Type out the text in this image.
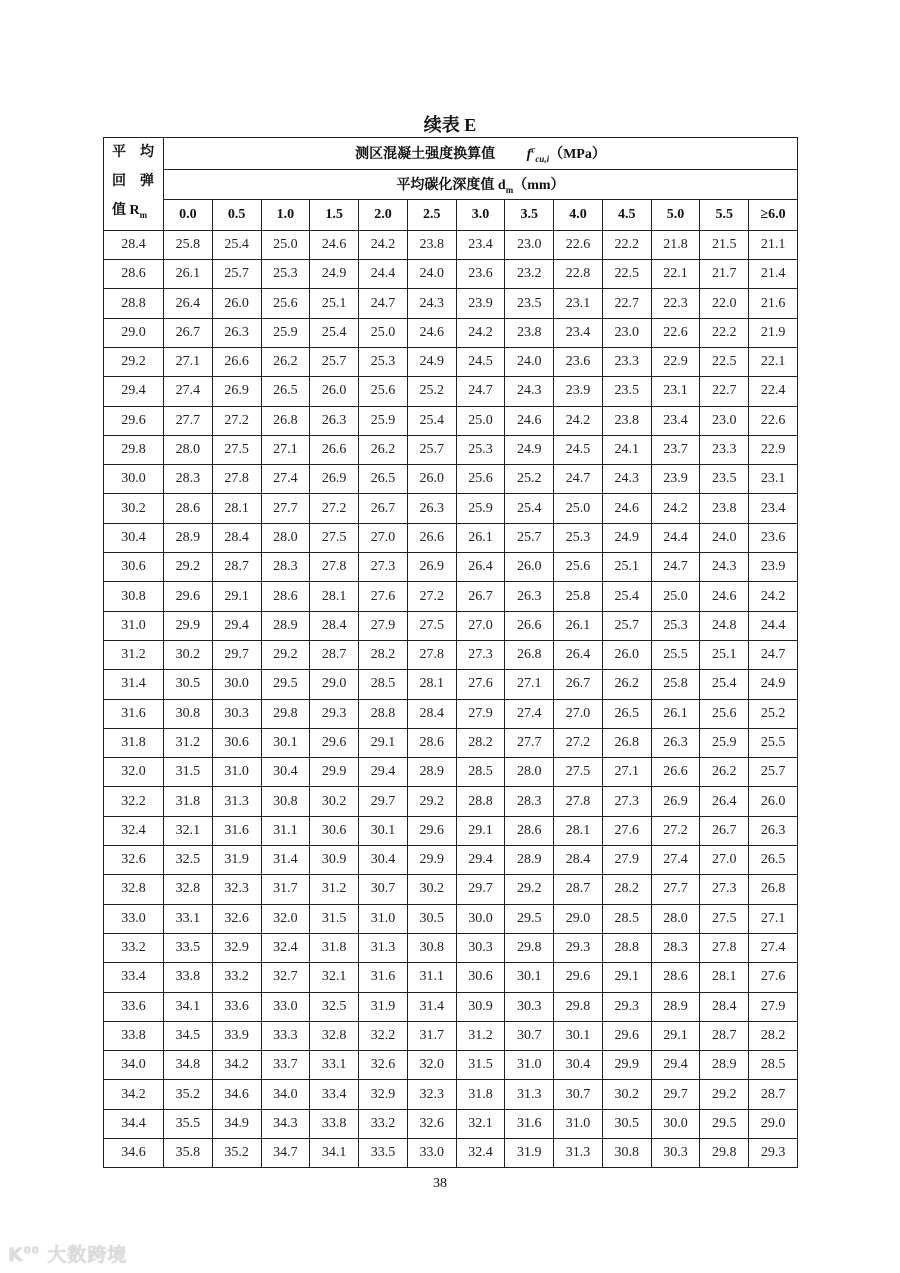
续表 E
平　均
回　弹
值 $R_m$	测区混凝土强度换算值   $f^c_{cu,i}(MPa)$												
	平均碳化深度值 $d_m(mm)$												
	0.0	0.5	1.0	1.5	2.0	2.5	3.0	3.5	4.0	4.5	5.0	5.5	≥6.0
28.4	25.8	25.4	25.0	24.6	24.2	23.8	23.4	23.0	22.6	22.2	21.8	21.5	21.1
28.6	26.1	25.7	25.3	24.9	24.4	24.0	23.6	23.2	22.8	22.5	22.1	21.7	21.4
28.8	26.4	26.0	25.6	25.1	24.7	24.3	23.9	23.5	23.1	22.7	22.3	22.0	21.6
29.0	26.7	26.3	25.9	25.4	25.0	24.6	24.2	23.8	23.4	23.0	22.6	22.2	21.9
29.2	27.1	26.6	26.2	25.7	25.3	24.9	24.5	24.0	23.6	23.3	22.9	22.5	22.1
29.4	27.4	26.9	26.5	26.0	25.6	25.2	24.7	24.3	23.9	23.5	23.1	22.7	22.4
29.6	27.7	27.2	26.8	26.3	25.9	25.4	25.0	24.6	24.2	23.8	23.4	23.0	22.6
29.8	28.0	27.5	27.1	26.6	26.2	25.7	25.3	24.9	24.5	24.1	23.7	23.3	22.9
30.0	28.3	27.8	27.4	26.9	26.5	26.0	25.6	25.2	24.7	24.3	23.9	23.5	23.1
30.2	28.6	28.1	27.7	27.2	26.7	26.3	25.9	25.4	25.0	24.6	24.2	23.8	23.4
30.4	28.9	28.4	28.0	27.5	27.0	26.6	26.1	25.7	25.3	24.9	24.4	24.0	23.6
30.6	29.2	28.7	28.3	27.8	27.3	26.9	26.4	26.0	25.6	25.1	24.7	24.3	23.9
30.8	29.6	29.1	28.6	28.1	27.6	27.2	26.7	26.3	25.8	25.4	25.0	24.6	24.2
31.0	29.9	29.4	28.9	28.4	27.9	27.5	27.0	26.6	26.1	25.7	25.3	24.8	24.4
31.2	30.2	29.7	29.2	28.7	28.2	27.8	27.3	26.8	26.4	26.0	25.5	25.1	24.7
31.4	30.5	30.0	29.5	29.0	28.5	28.1	27.6	27.1	26.7	26.2	25.8	25.4	24.9
31.6	30.8	30.3	29.8	29.3	28.8	28.4	27.9	27.4	27.0	26.5	26.1	25.6	25.2
31.8	31.2	30.6	30.1	29.6	29.1	28.6	28.2	27.7	27.2	26.8	26.3	25.9	25.5
32.0	31.5	31.0	30.4	29.9	29.4	28.9	28.5	28.0	27.5	27.1	26.6	26.2	25.7
32.2	31.8	31.3	30.8	30.2	29.7	29.2	28.8	28.3	27.8	27.3	26.9	26.4	26.0
32.4	32.1	31.6	31.1	30.6	30.1	29.6	29.1	28.6	28.1	27.6	27.2	26.7	26.3
32.6	32.5	31.9	31.4	30.9	30.4	29.9	29.4	28.9	28.4	27.9	27.4	27.0	26.5
32.8	32.8	32.3	31.7	31.2	30.7	30.2	29.7	29.2	28.7	28.2	27.7	27.3	26.8
33.0	33.1	32.6	32.0	31.5	31.0	30.5	30.0	29.5	29.0	28.5	28.0	27.5	27.1
33.2	33.5	32.9	32.4	31.8	31.3	30.8	30.3	29.8	29.3	28.8	28.3	27.8	27.4
33.4	33.8	33.2	32.7	32.1	31.6	31.1	30.6	30.1	29.6	29.1	28.6	28.1	27.6
33.6	34.1	33.6	33.0	32.5	31.9	31.4	30.9	30.3	29.8	29.3	28.9	28.4	27.9
33.8	34.5	33.9	33.3	32.8	32.2	31.7	31.2	30.7	30.1	29.6	29.1	28.7	28.2
34.0	34.8	34.2	33.7	33.1	32.6	32.0	31.5	31.0	30.4	29.9	29.4	28.9	28.5
34.2	35.2	34.6	34.0	33.4	32.9	32.3	31.8	31.3	30.7	30.2	29.7	29.2	28.7
34.4	35.5	34.9	34.3	33.8	33.2	32.6	32.1	31.6	31.0	30.5	30.0	29.5	29.0
34.6	35.8	35.2	34.7	34.1	33.5	33.0	32.4	31.9	31.3	30.8	30.3	29.8	29.3
38
$K^{00}$ 大数跨境
